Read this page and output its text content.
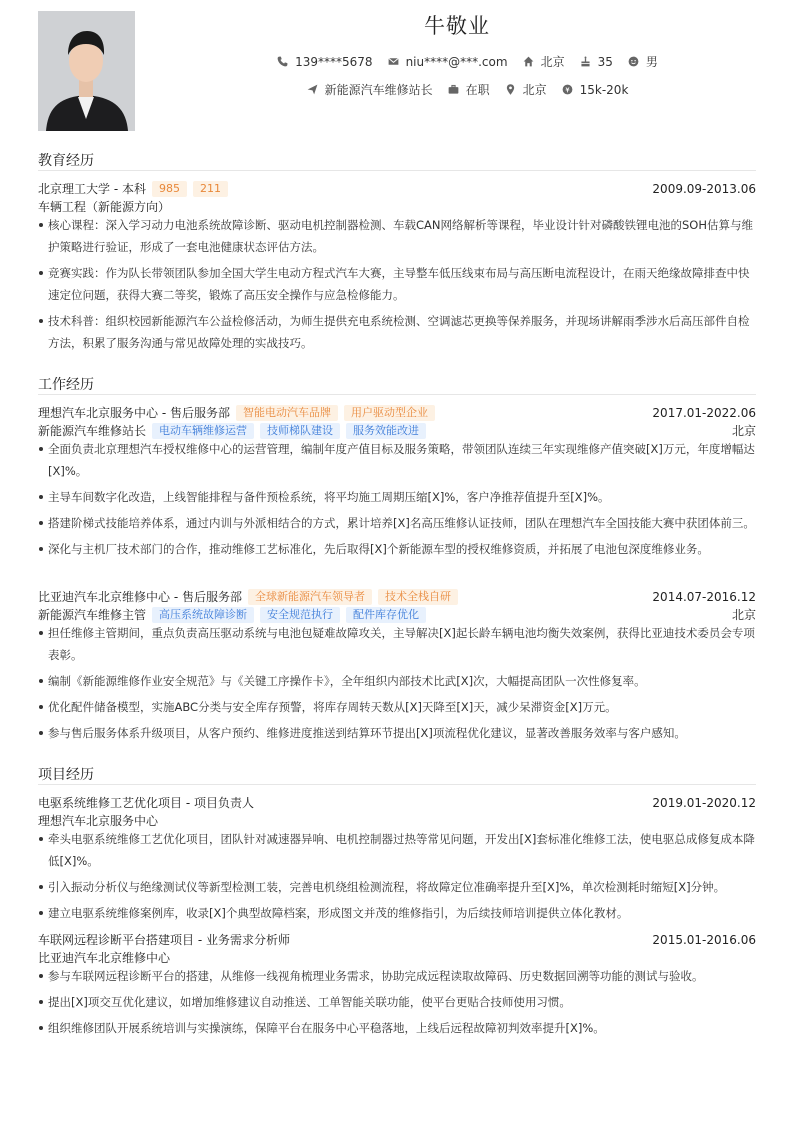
牛敬业
139****5678	niu****@***.com	北京	35	男
新能源汽车维修站长	在职	北京	15k-20k
教育经历
北京理工大学 - 本科	985	211	2009.09-2013.06
车辆工程（新能源方向）
核心课程：深入学习动力电池系统故障诊断、驱动电机控制器检测、车载CAN网络解析等课程，毕业设计针对磷酸铁锂电池的SOH估算与维护策略进行验证，形成了一套电池健康状态评估方法。
竞赛实践：作为队长带领团队参加全国大学生电动方程式汽车大赛，主导整车低压线束布局与高压断电流程设计，在雨天绝缘故障排查中快速定位问题，获得大赛二等奖，锻炼了高压安全操作与应急检修能力。
技术科普：组织校园新能源汽车公益检修活动，为师生提供充电系统检测、空调滤芯更换等保养服务，并现场讲解雨季涉水后高压部件自检方法，积累了服务沟通与常见故障处理的实战技巧。
工作经历
理想汽车北京服务中心 - 售后服务部	智能电动汽车品牌	用户驱动型企业	2017.01-2022.06
新能源汽车维修站长	电动车辆维修运营	技师梯队建设	服务效能改进	北京
全面负责北京理想汽车授权维修中心的运营管理，编制年度产值目标及服务策略，带领团队连续三年实现维修产值突破[X]万元，年度增幅达[X]%。
主导车间数字化改造，上线智能排程与备件预检系统，将平均施工周期压缩[X]%，客户净推荐值提升至[X]%。
搭建阶梯式技能培养体系，通过内训与外派相结合的方式，累计培养[X]名高压维修认证技师，团队在理想汽车全国技能大赛中获团体前三。
深化与主机厂技术部门的合作，推动维修工艺标准化，先后取得[X]个新能源车型的授权维修资质，并拓展了电池包深度维修业务。
比亚迪汽车北京维修中心 - 售后服务部	全球新能源汽车领导者	技术全栈自研	2014.07-2016.12
新能源汽车维修主管	高压系统故障诊断	安全规范执行	配件库存优化	北京
担任维修主管期间，重点负责高压驱动系统与电池包疑难故障攻关，主导解决[X]起长龄车辆电池均衡失效案例，获得比亚迪技术委员会专项表彰。
编制《新能源维修作业安全规范》与《关键工序操作卡》，全年组织内部技术比武[X]次，大幅提高团队一次性修复率。
优化配件储备模型，实施ABC分类与安全库存预警，将库存周转天数从[X]天降至[X]天，减少呆滞资金[X]万元。
参与售后服务体系升级项目，从客户预约、维修进度推送到结算环节提出[X]项流程优化建议，显著改善服务效率与客户感知。
项目经历
电驱系统维修工艺优化项目 - 项目负责人	2019.01-2020.12
理想汽车北京服务中心
牵头电驱系统维修工艺优化项目，团队针对减速器异响、电机控制器过热等常见问题，开发出[X]套标准化维修工法，使电驱总成修复成本降低[X]%。
引入振动分析仪与绝缘测试仪等新型检测工装，完善电机绕组检测流程，将故障定位准确率提升至[X]%，单次检测耗时缩短[X]分钟。
建立电驱系统维修案例库，收录[X]个典型故障档案，形成图文并茂的维修指引，为后续技师培训提供立体化教材。
车联网远程诊断平台搭建项目 - 业务需求分析师	2015.01-2016.06
比亚迪汽车北京维修中心
参与车联网远程诊断平台的搭建，从维修一线视角梳理业务需求，协助完成远程读取故障码、历史数据回溯等功能的测试与验收。
提出[X]项交互优化建议，如增加维修建议自动推送、工单智能关联功能，使平台更贴合技师使用习惯。
组织维修团队开展系统培训与实操演练，保障平台在服务中心平稳落地，上线后远程故障初判效率提升[X]%。
